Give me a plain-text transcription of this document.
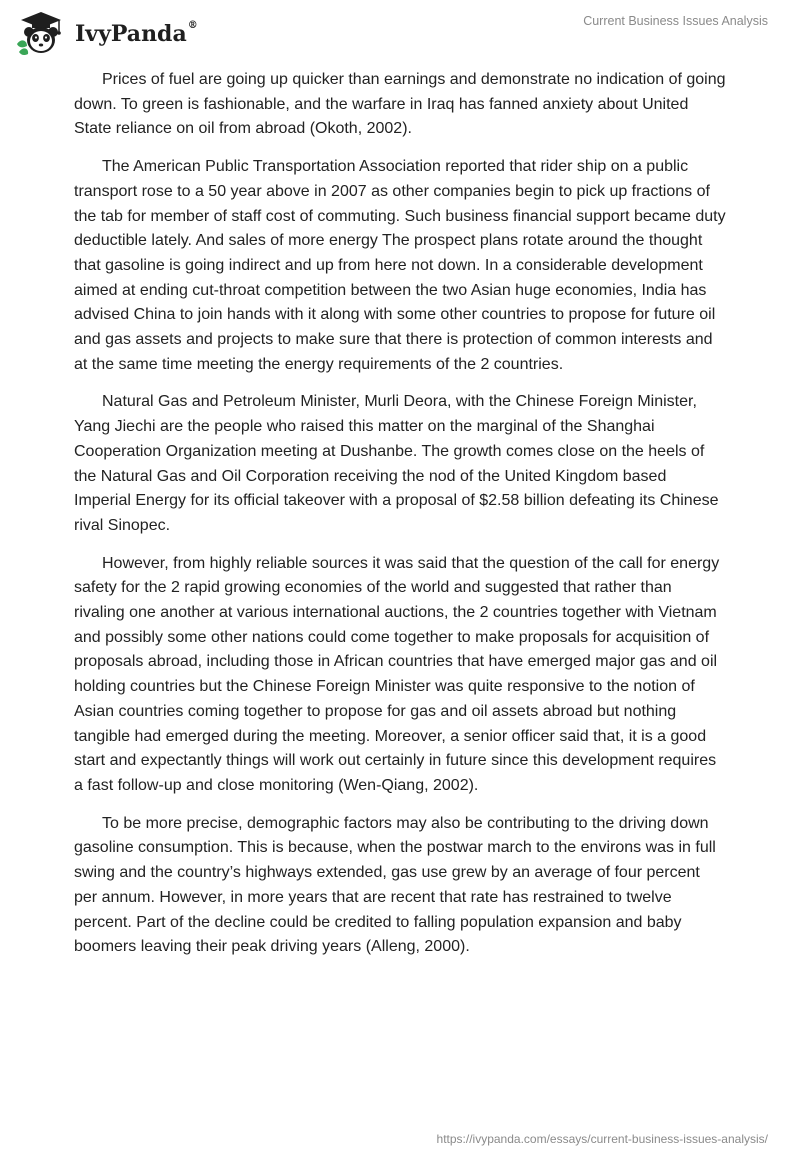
IvyPanda®	Current Business Issues Analysis

Prices of fuel are going up quicker than earnings and demonstrate no indication of going down. To green is fashionable, and the warfare in Iraq has fanned anxiety about United State reliance on oil from abroad (Okoth, 2002).

The American Public Transportation Association reported that rider ship on a public transport rose to a 50 year above in 2007 as other companies begin to pick up fractions of the tab for member of staff cost of commuting. Such business financial support became duty deductible lately. And sales of more energy The prospect plans rotate around the thought that gasoline is going indirect and up from here not down. In a considerable development aimed at ending cut-throat competition between the two Asian huge economies, India has advised China to join hands with it along with some other countries to propose for future oil and gas assets and projects to make sure that there is protection of common interests and at the same time meeting the energy requirements of the 2 countries.

Natural Gas and Petroleum Minister, Murli Deora, with the Chinese Foreign Minister, Yang Jiechi are the people who raised this matter on the marginal of the Shanghai Cooperation Organization meeting at Dushanbe. The growth comes close on the heels of the Natural Gas and Oil Corporation receiving the nod of the United Kingdom based Imperial Energy for its official takeover with a proposal of $2.58 billion defeating its Chinese rival Sinopec.

However, from highly reliable sources it was said that the question of the call for energy safety for the 2 rapid growing economies of the world and suggested that rather than rivaling one another at various international auctions, the 2 countries together with Vietnam and possibly some other nations could come together to make proposals for acquisition of proposals abroad, including those in African countries that have emerged major gas and oil holding countries but the Chinese Foreign Minister was quite responsive to the notion of Asian countries coming together to propose for gas and oil assets abroad but nothing tangible had emerged during the meeting. Moreover, a senior officer said that, it is a good start and expectantly things will work out certainly in future since this development requires a fast follow-up and close monitoring (Wen-Qiang, 2002).

To be more precise, demographic factors may also be contributing to the driving down gasoline consumption. This is because, when the postwar march to the environs was in full swing and the country’s highways extended, gas use grew by an average of four percent per annum. However, in more years that are recent that rate has restrained to twelve percent. Part of the decline could be credited to falling population expansion and baby boomers leaving their peak driving years (Alleng, 2000).

https://ivypanda.com/essays/current-business-issues-analysis/
